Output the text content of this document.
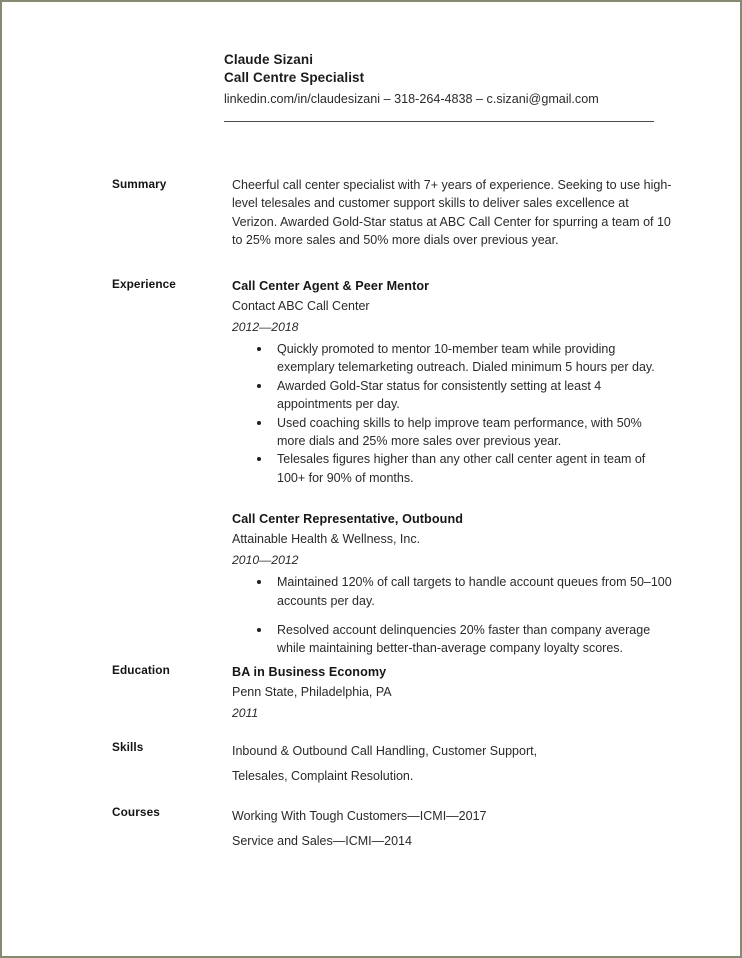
Claude Sizani
Call Centre Specialist
linkedin.com/in/claudesizani – 318-264-4838 – c.sizani@gmail.com
Summary	Cheerful call center specialist with 7+ years of experience. Seeking to use high-level telesales and customer support skills to deliver sales excellence at Verizon. Awarded Gold-Star status at ABC Call Center for spurring a team of 10 to 25% more sales and 50% more dials over previous year.
Experience	Call Center Agent & Peer Mentor
Contact ABC Call Center
2012—2018
Quickly promoted to mentor 10-member team while providing exemplary telemarketing outreach. Dialed minimum 5 hours per day.
Awarded Gold-Star status for consistently setting at least 4 appointments per day.
Used coaching skills to help improve team performance, with 50% more dials and 25% more sales over previous year.
Telesales figures higher than any other call center agent in team of 100+ for 90% of months.
Call Center Representative, Outbound
Attainable Health & Wellness, Inc.
2010—2012
Maintained 120% of call targets to handle account queues from 50–100 accounts per day.
Resolved account delinquencies 20% faster than company average while maintaining better-than-average company loyalty scores.
Education	BA in Business Economy
Penn State, Philadelphia, PA
2011
Skills	Inbound & Outbound Call Handling, Customer Support,
Telesales, Complaint Resolution.
Courses	Working With Tough Customers—ICMI—2017
Service and Sales—ICMI—2014
